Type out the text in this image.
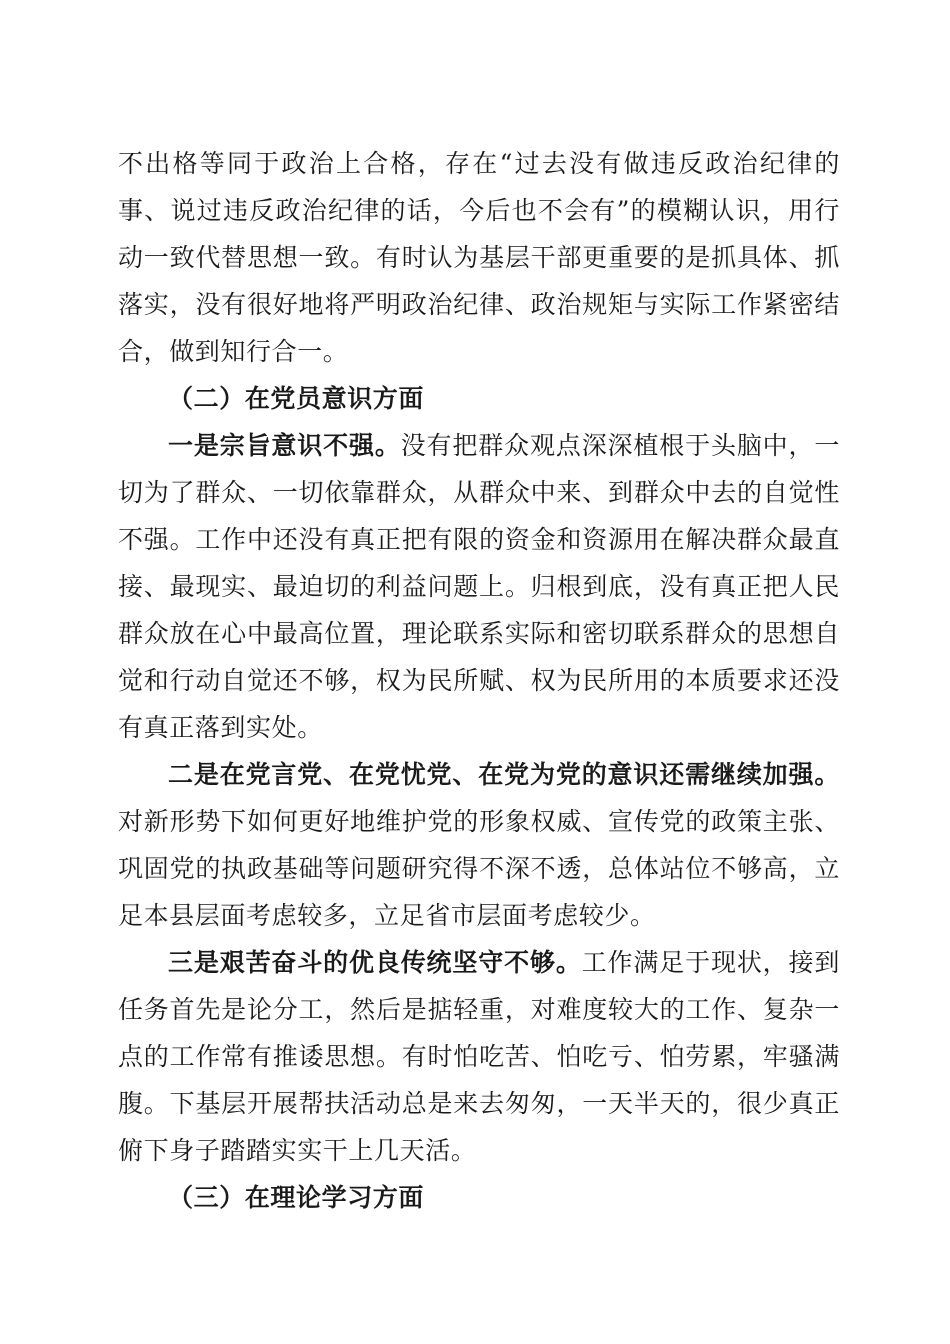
不出格等同于政治上合格，存在“过去没有做违反政治纪律的事、说过违反政治纪律的话，今后也不会有”的模糊认识，用行动一致代替思想一致。有时认为基层干部更重要的是抓具体、抓落实，没有很好地将严明政治纪律、政治规矩与实际工作紧密结合，做到知行合一。

（二）在党员意识方面

一是宗旨意识不强。没有把群众观点深深植根于头脑中，一切为了群众、一切依靠群众，从群众中来、到群众中去的自觉性不强。工作中还没有真正把有限的资金和资源用在解决群众最直接、最现实、最迫切的利益问题上。归根到底，没有真正把人民群众放在心中最高位置，理论联系实际和密切联系群众的思想自觉和行动自觉还不够，权为民所赋、权为民所用的本质要求还没有真正落到实处。

二是在党言党、在党忧党、在党为党的意识还需继续加强。对新形势下如何更好地维护党的形象权威、宣传党的政策主张、巩固党的执政基础等问题研究得不深不透，总体站位不够高，立足本县层面考虑较多，立足省市层面考虑较少。

三是艰苦奋斗的优良传统坚守不够。工作满足于现状，接到任务首先是论分工，然后是掂轻重，对难度较大的工作、复杂一点的工作常有推诿思想。有时怕吃苦、怕吃亏、怕劳累，牢骚满腹。下基层开展帮扶活动总是来去匆匆，一天半天的，很少真正俯下身子踏踏实实干上几天活。

（三）在理论学习方面
